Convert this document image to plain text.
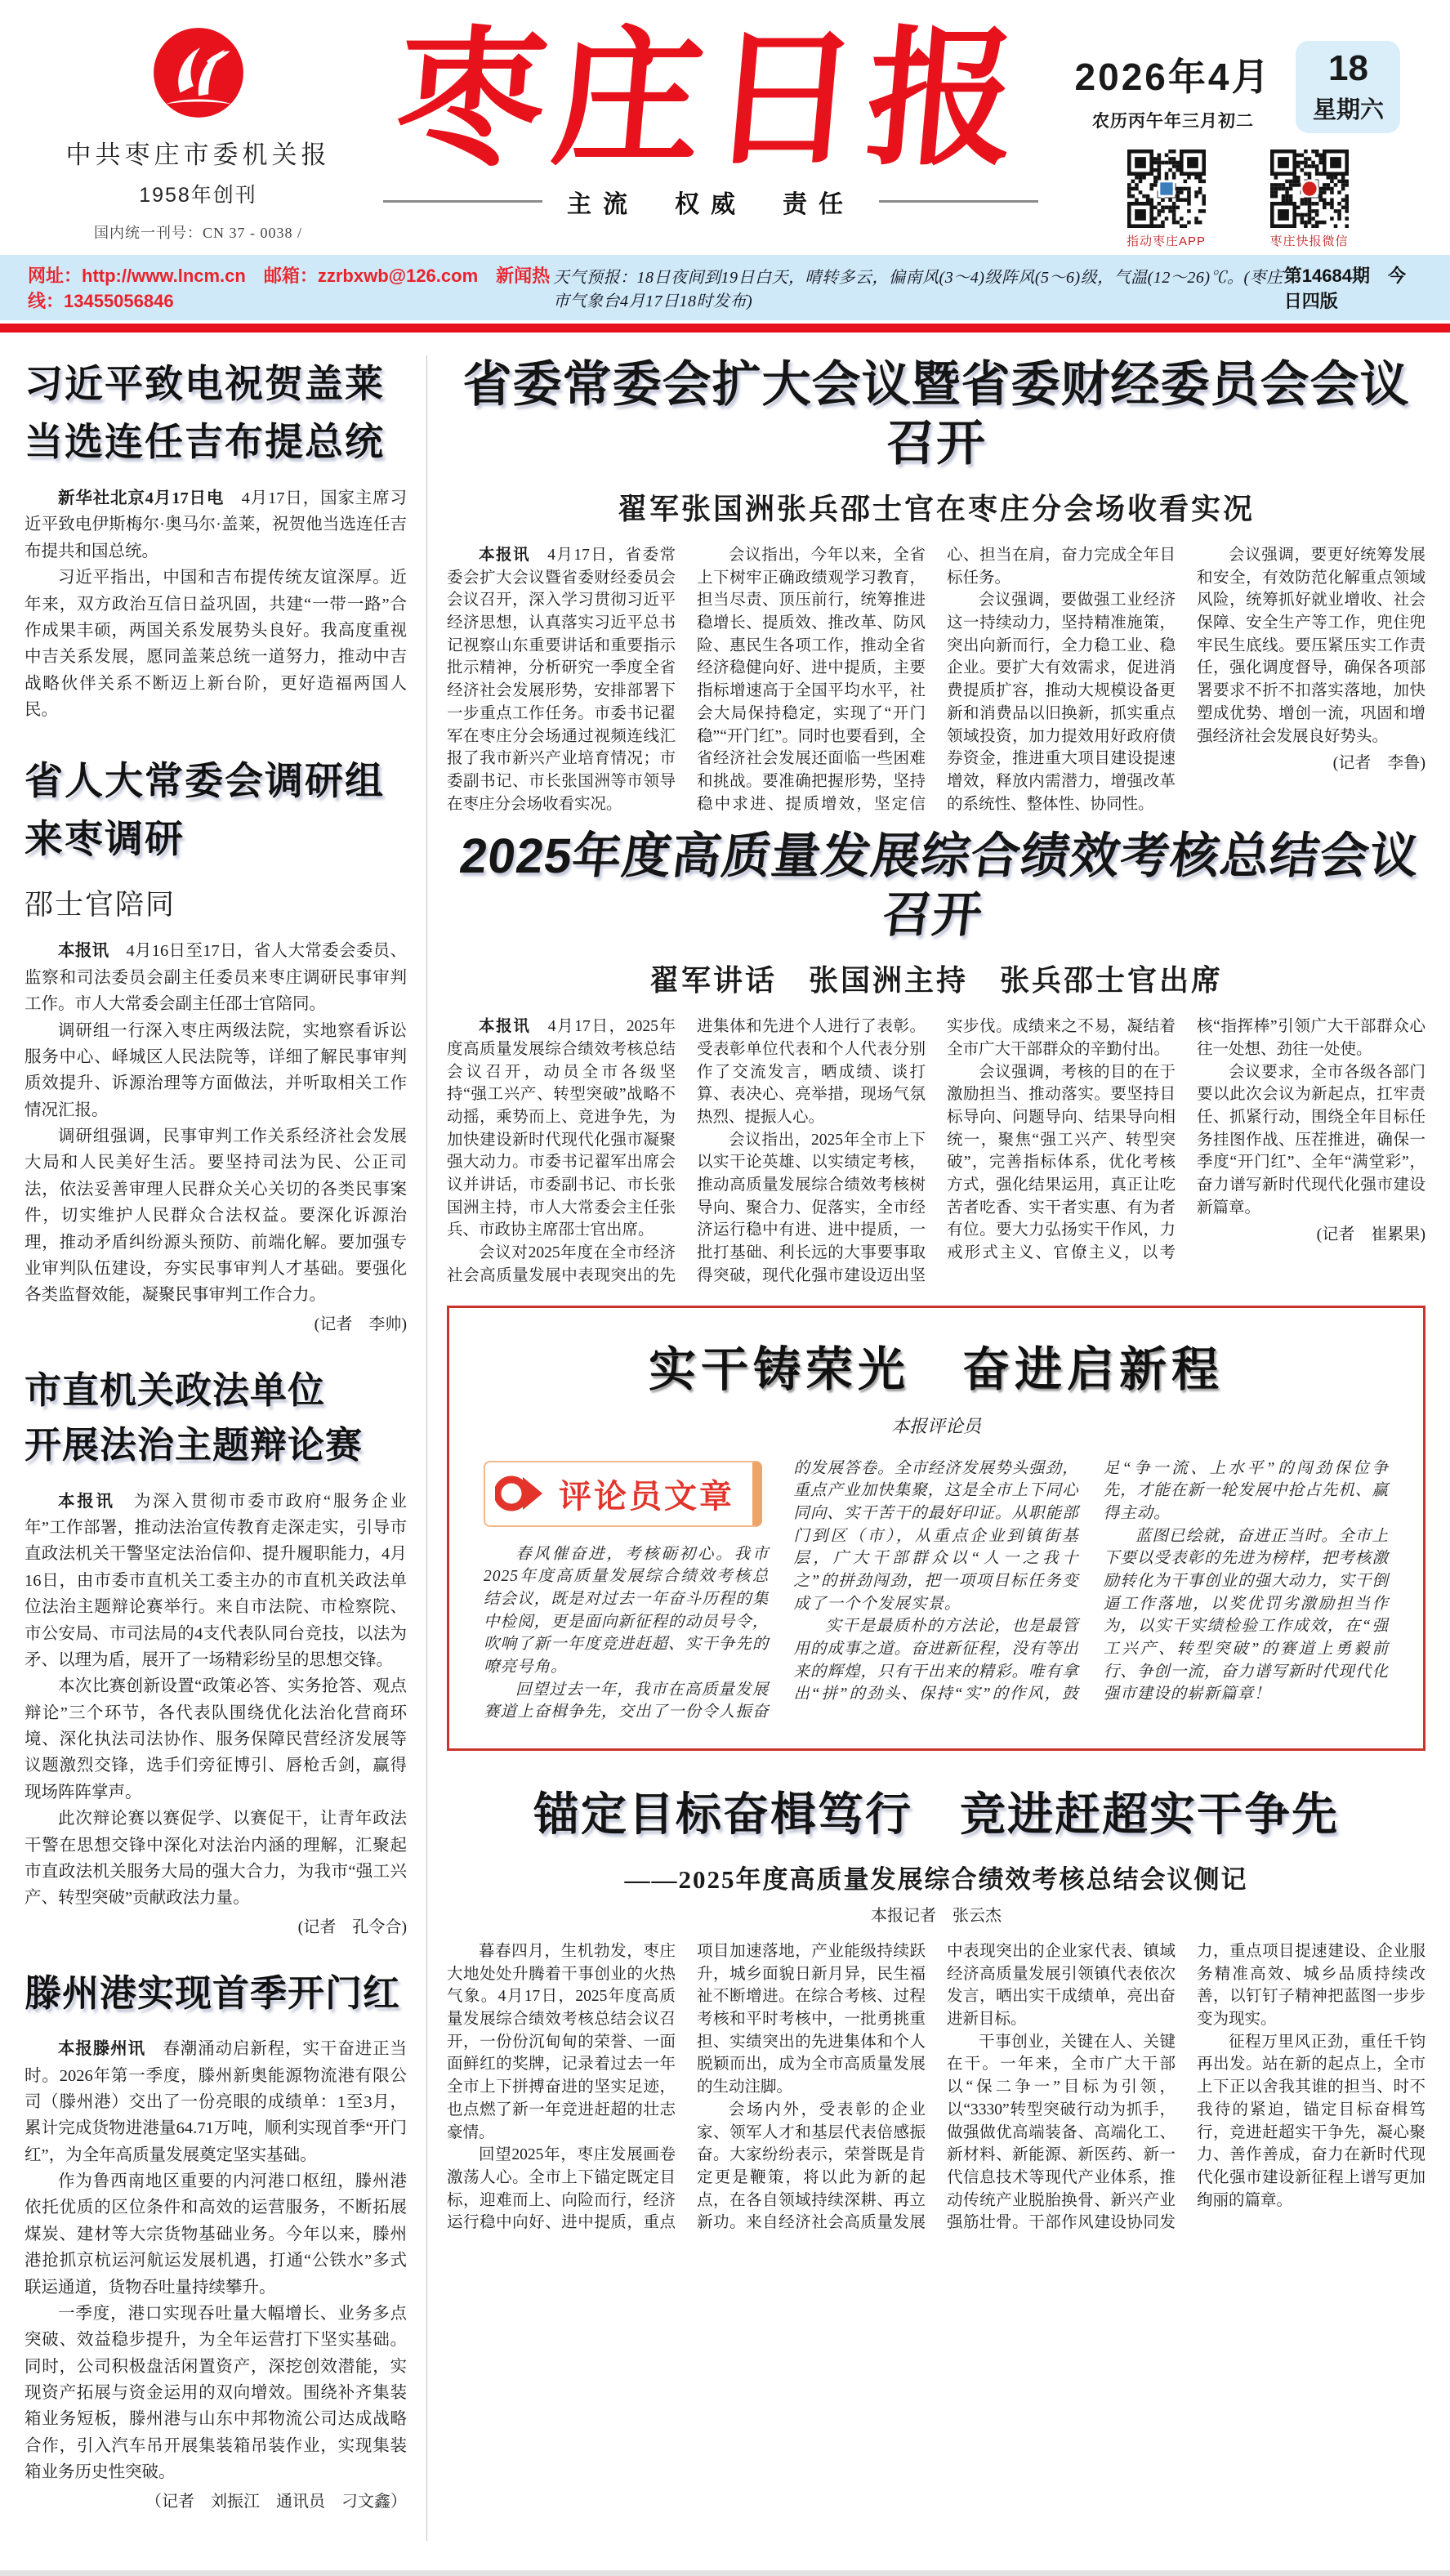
中共枣庄市委机关报
1958年创刊
国内统一刊号：CN 37 - 0038 /
枣庄日报
主流　权威　责任
2026年4月
农历丙午年三月初二
18
星期六
指动枣庄APP	枣庄快报微信
网址：http://www.lncm.cn　邮箱：zzrbxwb@126.com　新闻热线：13455056846
天气预报：18日夜间到19日白天，晴转多云，偏南风(3～4)级阵风(5～6)级，气温(12～26)℃。(枣庄市气象台4月17日18时发布)
第14684期　今日四版
习近平致电祝贺盖莱
当选连任吉布提总统

新华社北京4月17日电　4月17日，国家主席习近平致电伊斯梅尔·奥马尔·盖莱，祝贺他当选连任吉布提共和国总统。

习近平指出，中国和吉布提传统友谊深厚。近年来，双方政治互信日益巩固，共建“一带一路”合作成果丰硕，两国关系发展势头良好。我高度重视中吉关系发展，愿同盖莱总统一道努力，推动中吉战略伙伴关系不断迈上新台阶，更好造福两国人民。

省人大常委会调研组
来枣调研
邵士官陪同

本报讯　4月16日至17日，省人大常委会委员、监察和司法委员会副主任委员来枣庄调研民事审判工作。市人大常委会副主任邵士官陪同。

调研组一行深入枣庄两级法院，实地察看诉讼服务中心、峄城区人民法院等，详细了解民事审判质效提升、诉源治理等方面做法，并听取相关工作情况汇报。

调研组强调，民事审判工作关系经济社会发展大局和人民美好生活。要坚持司法为民、公正司法，依法妥善审理人民群众关心关切的各类民事案件，切实维护人民群众合法权益。要深化诉源治理，推动矛盾纠纷源头预防、前端化解。要加强专业审判队伍建设，夯实民事审判人才基础。要强化各类监督效能，凝聚民事审判工作合力。

(记者　李帅)
市直机关政法单位
开展法治主题辩论赛

本报讯　为深入贯彻市委市政府“服务企业年”工作部署，推动法治宣传教育走深走实，引导市直政法机关干警坚定法治信仰、提升履职能力，4月16日，由市委市直机关工委主办的市直机关政法单位法治主题辩论赛举行。来自市法院、市检察院、市公安局、市司法局的4支代表队同台竞技，以法为矛、以理为盾，展开了一场精彩纷呈的思想交锋。

本次比赛创新设置“政策必答、实务抢答、观点辩论”三个环节，各代表队围绕优化法治化营商环境、深化执法司法协作、服务保障民营经济发展等议题激烈交锋，选手们旁征博引、唇枪舌剑，赢得现场阵阵掌声。

此次辩论赛以赛促学、以赛促干，让青年政法干警在思想交锋中深化对法治内涵的理解，汇聚起市直政法机关服务大局的强大合力，为我市“强工兴产、转型突破”贡献政法力量。

(记者　孔令合)
滕州港实现首季开门红

本报滕州讯　春潮涌动启新程，实干奋进正当时。2026年第一季度，滕州新奥能源物流港有限公司（滕州港）交出了一份亮眼的成绩单：1至3月，累计完成货物进港量64.71万吨，顺利实现首季“开门红”，为全年高质量发展奠定坚实基础。

作为鲁西南地区重要的内河港口枢纽，滕州港依托优质的区位条件和高效的运营服务，不断拓展煤炭、建材等大宗货物基础业务。今年以来，滕州港抢抓京杭运河航运发展机遇，打通“公铁水”多式联运通道，货物吞吐量持续攀升。

一季度，港口实现吞吐量大幅增长、业务多点突破、效益稳步提升，为全年运营打下坚实基础。同时，公司积极盘活闲置资产，深挖创效潜能，实现资产拓展与资金运用的双向增效。围绕补齐集装箱业务短板，滕州港与山东中邦物流公司达成战略合作，引入汽车吊开展集装箱吊装作业，实现集装箱业务历史性突破。

（记者　刘振江　通讯员　刁文鑫）
省委常委会扩大会议暨省委财经委员会会议召开
翟军张国洲张兵邵士官在枣庄分会场收看实况

本报讯　4月17日，省委常委会扩大会议暨省委财经委员会会议召开，深入学习贯彻习近平经济思想，认真落实习近平总书记视察山东重要讲话和重要指示批示精神，分析研究一季度全省经济社会发展形势，安排部署下一步重点工作任务。市委书记翟军在枣庄分会场通过视频连线汇报了我市新兴产业培育情况；市委副书记、市长张国洲等市领导在枣庄分会场收看实况。

会议指出，今年以来，全省上下树牢正确政绩观学习教育，担当尽责、顶压前行，统筹推进稳增长、提质效、推改革、防风险、惠民生各项工作，推动全省经济稳健向好、进中提质，主要指标增速高于全国平均水平，社会大局保持稳定，实现了“开门稳”“开门红”。同时也要看到，全省经济社会发展还面临一些困难和挑战。要准确把握形势，坚持稳中求进、提质增效，坚定信心、担当在肩，奋力完成全年目标任务。

会议强调，要做强工业经济这一持续动力，坚持精准施策，突出向新而行，全力稳工业、稳企业。要扩大有效需求，促进消费提质扩容，推动大规模设备更新和消费品以旧换新，抓实重点领域投资，加力提效用好政府债券资金，推进重大项目建设提速增效，释放内需潜力，增强改革的系统性、整体性、协同性。

会议强调，要更好统筹发展和安全，有效防范化解重点领域风险，统筹抓好就业增收、社会保障、安全生产等工作，兜住兜牢民生底线。要压紧压实工作责任，强化调度督导，确保各项部署要求不折不扣落实落地，加快塑成优势、增创一流，巩固和增强经济社会发展良好势头。

(记者　李鲁)
2025年度高质量发展综合绩效考核总结会议召开
翟军讲话　张国洲主持　张兵邵士官出席

本报讯　4月17日，2025年度高质量发展综合绩效考核总结会议召开，动员全市各级坚持“强工兴产、转型突破”战略不动摇，乘势而上、竞进争先，为加快建设新时代现代化强市凝聚强大动力。市委书记翟军出席会议并讲话，市委副书记、市长张国洲主持，市人大常委会主任张兵、市政协主席邵士官出席。

会议对2025年度在全市经济社会高质量发展中表现突出的先进集体和先进个人进行了表彰。受表彰单位代表和个人代表分别作了交流发言，晒成绩、谈打算、表决心、亮举措，现场气氛热烈、提振人心。

会议指出，2025年全市上下以实干论英雄、以实绩定考核，推动高质量发展综合绩效考核树导向、聚合力、促落实，全市经济运行稳中有进、进中提质，一批打基础、利长远的大事要事取得突破，现代化强市建设迈出坚实步伐。成绩来之不易，凝结着全市广大干部群众的辛勤付出。

会议强调，考核的目的在于激励担当、推动落实。要坚持目标导向、问题导向、结果导向相统一，聚焦“强工兴产、转型突破”，完善指标体系，优化考核方式，强化结果运用，真正让吃苦者吃香、实干者实惠、有为者有位。要大力弘扬实干作风，力戒形式主义、官僚主义，以考核“指挥棒”引领广大干部群众心往一处想、劲往一处使。

会议要求，全市各级各部门要以此次会议为新起点，扛牢责任、抓紧行动，围绕全年目标任务挂图作战、压茬推进，确保一季度“开门红”、全年“满堂彩”，奋力谱写新时代现代化强市建设新篇章。

(记者　崔累果)
实干铸荣光　奋进启新程
本报评论员
评论员文章

春风催奋进，考核砺初心。我市2025年度高质量发展综合绩效考核总结会议，既是对过去一年奋斗历程的集中检阅，更是面向新征程的动员号令，吹响了新一年度竞进赶超、实干争先的嘹亮号角。

回望过去一年，我市在高质量发展赛道上奋楫争先，交出了一份令人振奋的发展答卷。全市经济发展势头强劲，重点产业加快集聚，这是全市上下同心同向、实干苦干的最好印证。从职能部门到区（市），从重点企业到镇街基层，广大干部群众以“人一之我十之”的拼劲闯劲，把一项项目标任务变成了一个个发展实景。

实干是最质朴的方法论，也是最管用的成事之道。奋进新征程，没有等出来的辉煌，只有干出来的精彩。唯有拿出“拼”的劲头、保持“实”的作风，鼓足“争一流、上水平”的闯劲保位争先，才能在新一轮发展中抢占先机、赢得主动。

蓝图已绘就，奋进正当时。全市上下要以受表彰的先进为榜样，把考核激励转化为干事创业的强大动力，实干倒逼工作落地，以奖优罚劣激励担当作为，以实干实绩检验工作成效，在“强工兴产、转型突破”的赛道上勇毅前行、争创一流，奋力谱写新时代现代化强市建设的崭新篇章！

锚定目标奋楫笃行　竞进赶超实干争先
——2025年度高质量发展综合绩效考核总结会议侧记
本报记者　张云杰

暮春四月，生机勃发，枣庄大地处处升腾着干事创业的火热气象。4月17日，2025年度高质量发展综合绩效考核总结会议召开，一份份沉甸甸的荣誉、一面面鲜红的奖牌，记录着过去一年全市上下拼搏奋进的坚实足迹，也点燃了新一年竞进赶超的壮志豪情。

回望2025年，枣庄发展画卷激荡人心。全市上下锚定既定目标，迎难而上、向险而行，经济运行稳中向好、进中提质，重点项目加速落地，产业能级持续跃升，城乡面貌日新月异，民生福祉不断增进。在综合考核、过程考核和平时考核中，一批勇挑重担、实绩突出的先进集体和个人脱颖而出，成为全市高质量发展的生动注脚。

会场内外，受表彰的企业家、领军人才和基层代表倍感振奋。大家纷纷表示，荣誉既是肯定更是鞭策，将以此为新的起点，在各自领域持续深耕、再立新功。来自经济社会高质量发展中表现突出的企业家代表、镇域经济高质量发展引领镇代表依次发言，晒出实干成绩单，亮出奋进新目标。

干事创业，关键在人、关键在干。一年来，全市广大干部以“保二争一”目标为引领，以“3330”转型突破行动为抓手，做强做优高端装备、高端化工、新材料、新能源、新医药、新一代信息技术等现代产业体系，推动传统产业脱胎换骨、新兴产业强筋壮骨。干部作风建设协同发力，重点项目提速建设、企业服务精准高效、城乡品质持续改善，以钉钉子精神把蓝图一步步变为现实。

征程万里风正劲，重任千钧再出发。站在新的起点上，全市上下正以舍我其谁的担当、时不我待的紧迫，锚定目标奋楫笃行，竞进赶超实干争先，凝心聚力、善作善成，奋力在新时代现代化强市建设新征程上谱写更加绚丽的篇章。
